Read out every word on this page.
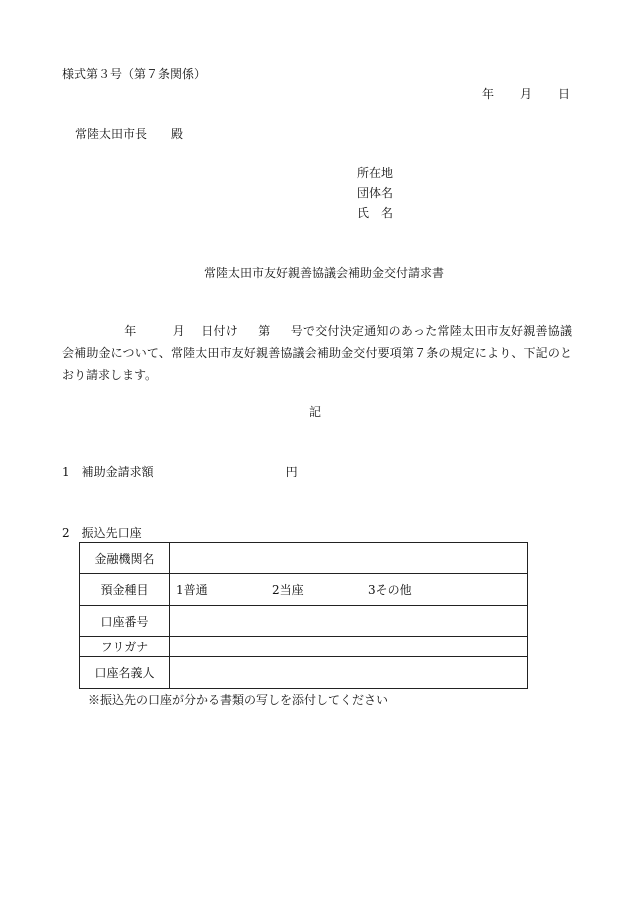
様式第３号（第７条関係）
年 月 日
常陸太田市長 殿
所在地
団体名
氏 名
常陸太田市友好親善協議会補助金交付請求書
年	月 日付け 第 号で交付決定通知のあった常陸太田市友好親善協議会補助金について、常陸太田市友好親善協議会補助金交付要項第７条の規定により、下記のとおり請求します。
記
1 補助金請求額	円
2 振込先口座
金融機関名	
預金種目	1普通 2当座 3その他
口座番号	
フリガナ	
口座名義人	
※振込先の口座が分かる書類の写しを添付してください
